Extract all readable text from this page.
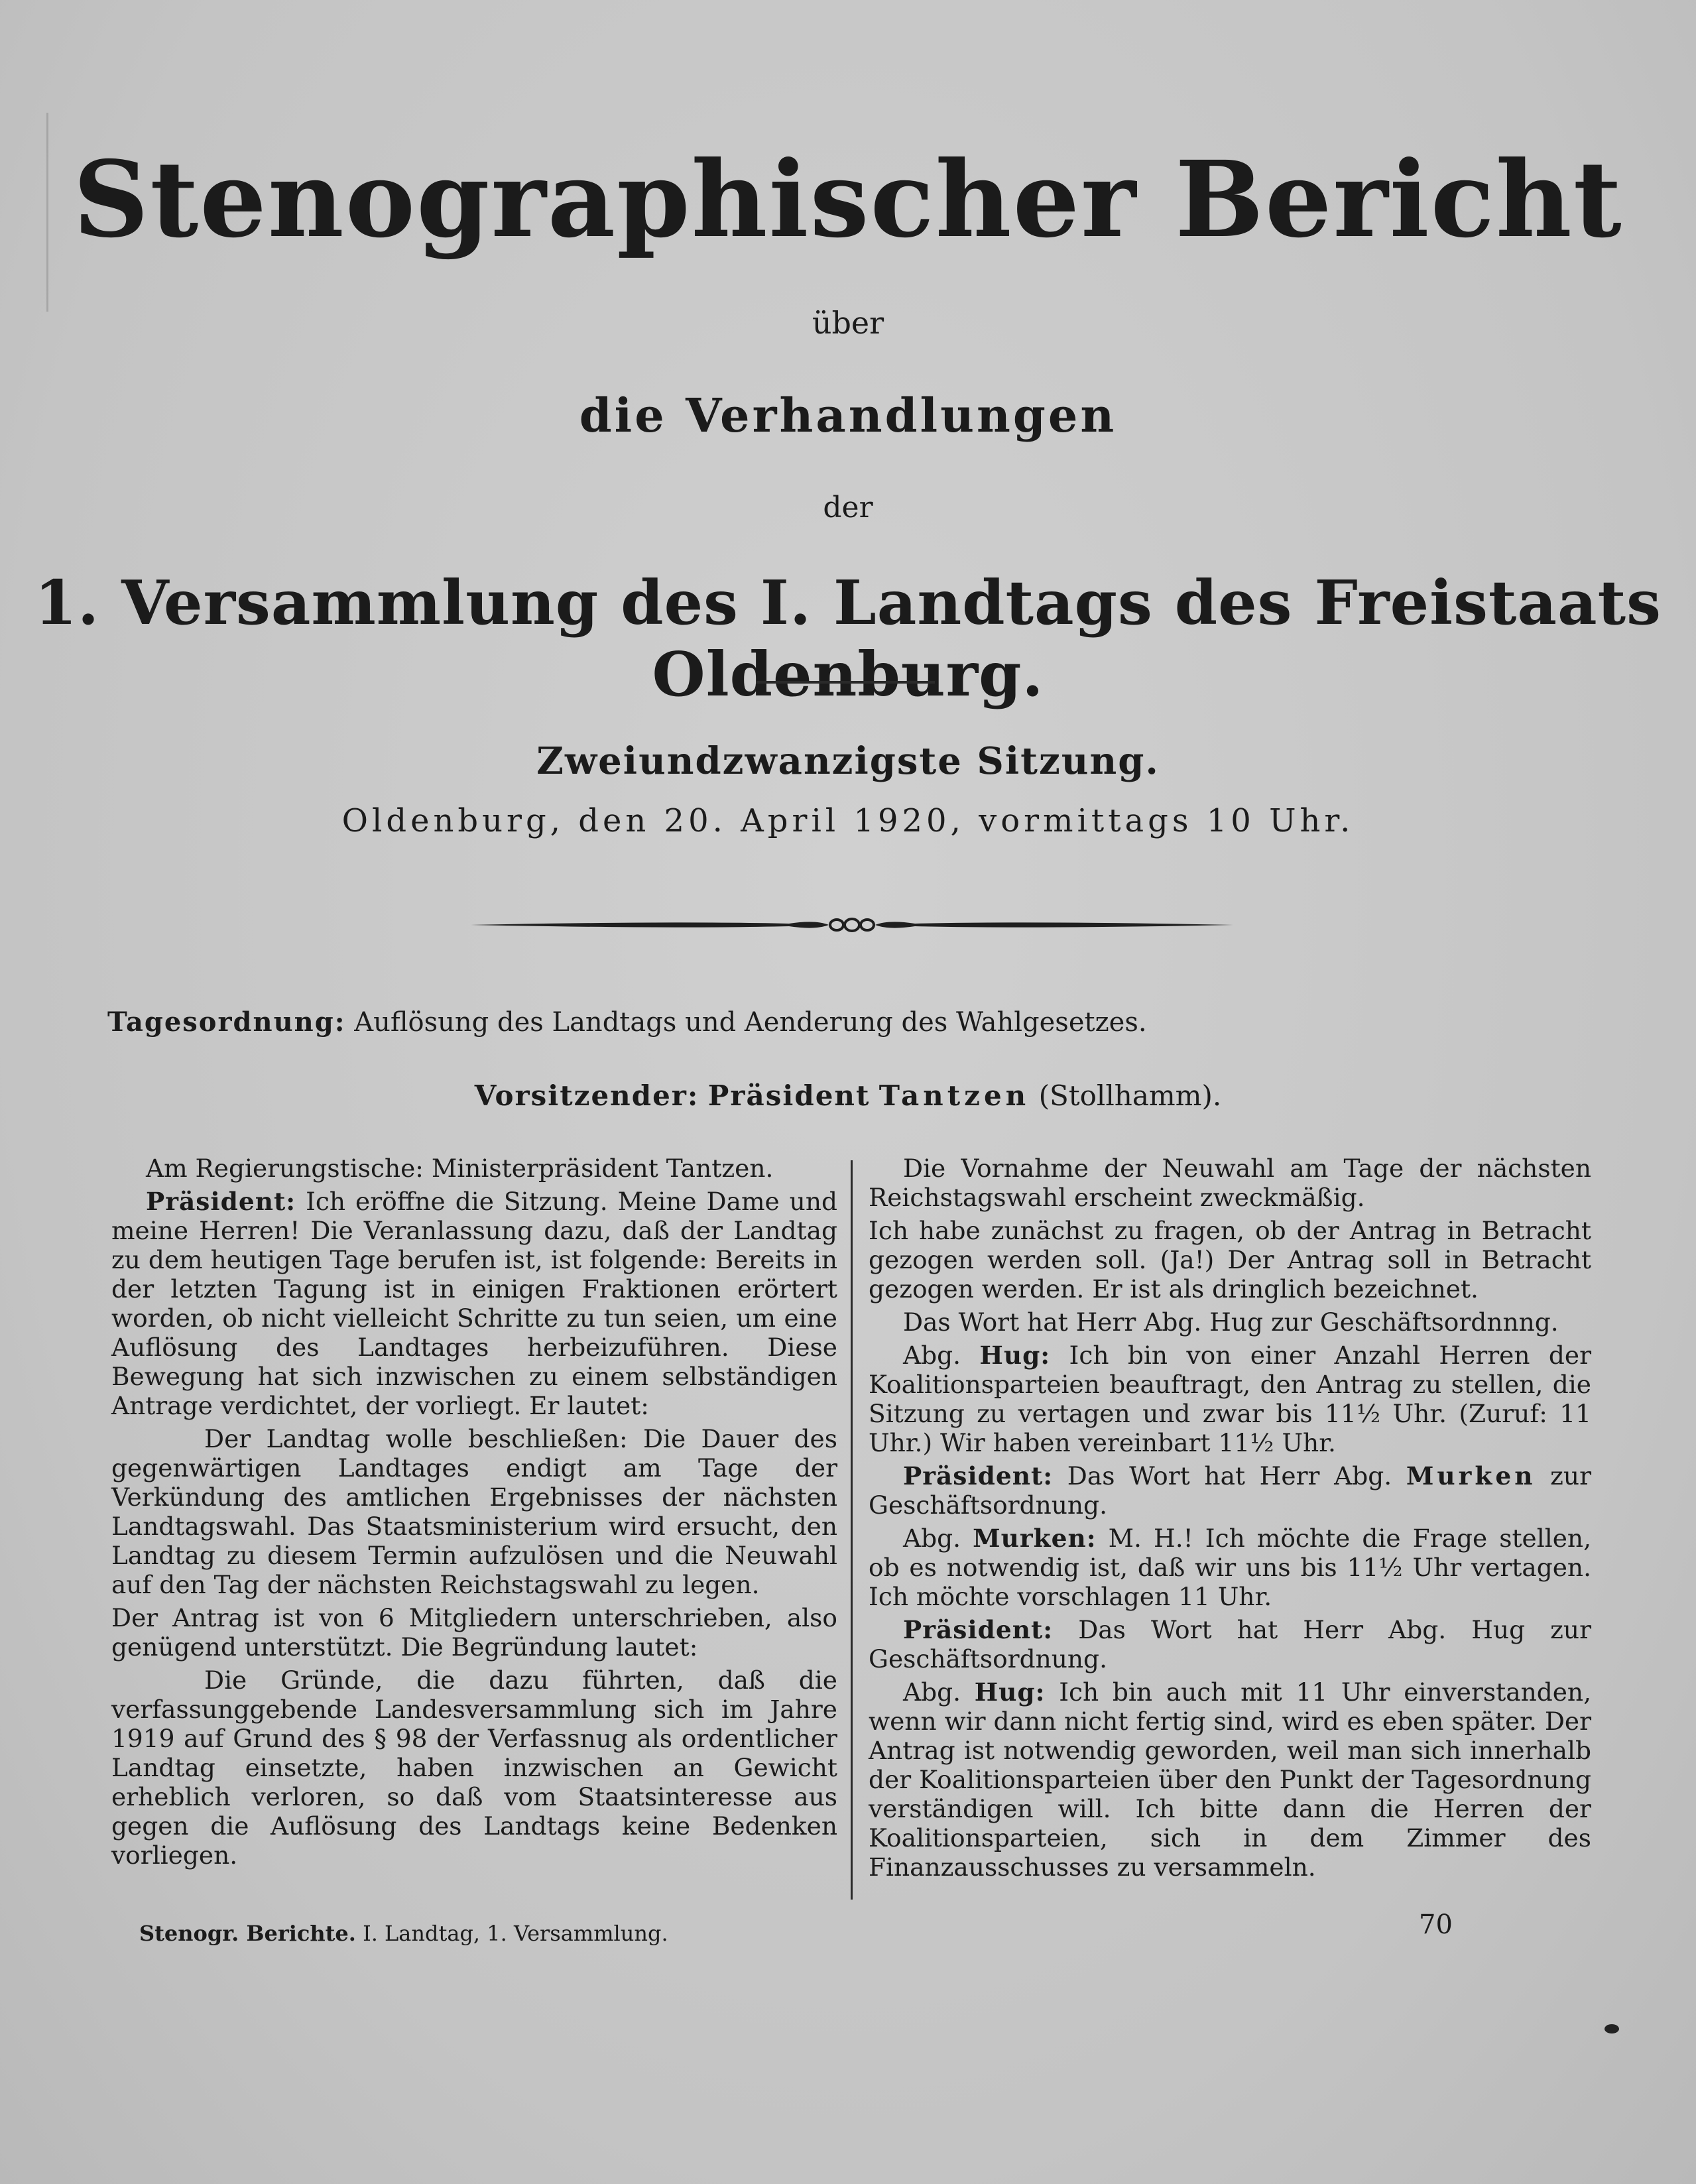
Stenographischer Bericht
über
die Verhandlungen
der
1. Versammlung des I. Landtags des Freistaats Oldenburg.
Zweiundzwanzigste Sitzung.
Oldenburg, den 20. April 1920, vormittags 10 Uhr.
Tagesordnung: Auflösung des Landtags und Aenderung des Wahlgesetzes.
Vorsitzender: Präsident Tantzen (Stollhamm).

Am Regierungstische: Ministerpräsident Tantzen.

Präsident: Ich eröffne die Sitzung. Meine Dame und meine Herren! Die Veranlassung dazu, daß der Landtag zu dem heutigen Tage berufen ist, ist folgende: Bereits in der letzten Tagung ist in einigen Fraktionen erörtert worden, ob nicht vielleicht Schritte zu tun seien, um eine Auflösung des Landtages herbeizuführen. Diese Bewegung hat sich inzwischen zu einem selbständigen Antrage verdichtet, der vorliegt. Er lautet:

Der Landtag wolle beschließen: Die Dauer des gegenwärtigen Landtages endigt am Tage der Verkündung des amtlichen Ergebnisses der nächsten Landtagswahl. Das Staatsministerium wird ersucht, den Landtag zu diesem Termin aufzulösen und die Neuwahl auf den Tag der nächsten Reichstagswahl zu legen.

Der Antrag ist von 6 Mitgliedern unterschrieben, also genügend unterstützt. Die Begründung lautet:

Die Gründe, die dazu führten, daß die verfassunggebende Landesversammlung sich im Jahre 1919 auf Grund des § 98 der Verfassnug als ordentlicher Landtag einsetzte, haben inzwischen an Gewicht erheblich verloren, so daß vom Staatsinteresse aus gegen die Auflösung des Landtags keine Bedenken vorliegen.

Die Vornahme der Neuwahl am Tage der nächsten Reichstagswahl erscheint zweckmäßig.

Ich habe zunächst zu fragen, ob der Antrag in Betracht gezogen werden soll. (Ja!) Der Antrag soll in Betracht gezogen werden. Er ist als dringlich bezeichnet.

Das Wort hat Herr Abg. Hug zur Geschäftsordnnng.

Abg. Hug: Ich bin von einer Anzahl Herren der Koalitionsparteien beauftragt, den Antrag zu stellen, die Sitzung zu vertagen und zwar bis 11½ Uhr. (Zuruf: 11 Uhr.) Wir haben vereinbart 11½ Uhr.

Präsident: Das Wort hat Herr Abg. Murken zur Geschäftsordnung.

Abg. Murken: M. H.! Ich möchte die Frage stellen, ob es notwendig ist, daß wir uns bis 11½ Uhr vertagen. Ich möchte vorschlagen 11 Uhr.

Präsident: Das Wort hat Herr Abg. Hug zur Geschäftsordnung.

Abg. Hug: Ich bin auch mit 11 Uhr einverstanden, wenn wir dann nicht fertig sind, wird es eben später. Der Antrag ist notwendig geworden, weil man sich innerhalb der Koalitionsparteien über den Punkt der Tagesordnung verständigen will. Ich bitte dann die Herren der Koalitionsparteien, sich in dem Zimmer des Finanzausschusses zu versammeln.

Stenogr. Berichte. I. Landtag, 1. Versammlung.	70
